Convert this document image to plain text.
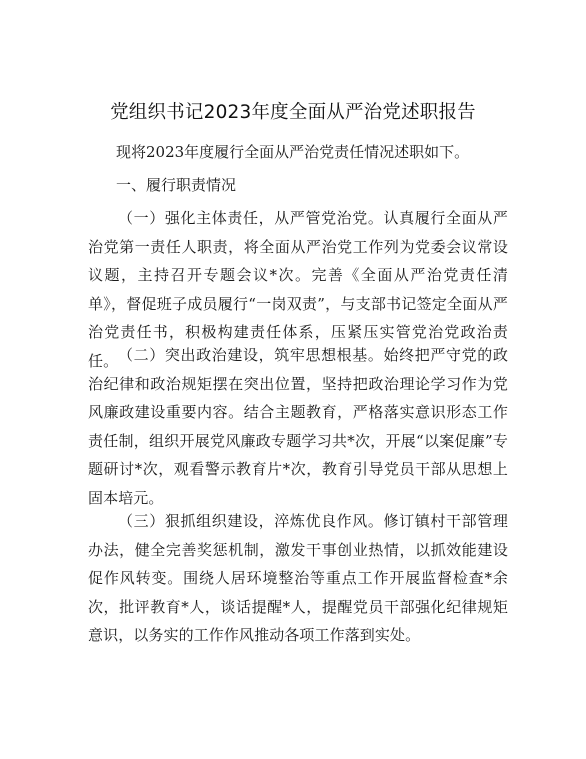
党组织书记2023年度全面从严治党述职报告
现将2023年度履行全面从严治党责任情况述职如下。
一、履行职责情况
（一）强化主体责任，从严管党治党。认真履行全面从严治党第一责任人职责，将全面从严治党工作列为党委会议常设议题，主持召开专题会议*次。完善《全面从严治党责任清单》，督促班子成员履行“一岗双责”，与支部书记签定全面从严治党责任书，积极构建责任体系，压紧压实管党治党政治责任。 （二）突出政治建设，筑牢思想根基。始终把严守党的政治纪律和政治规矩摆在突出位置，坚持把政治理论学习作为党风廉政建设重要内容。结合主题教育，严格落实意识形态工作责任制，组织开展党风廉政专题学习共*次，开展“以案促廉”专题研讨*次，观看警示教育片*次，教育引导党员干部从思想上固本培元。
（三）狠抓组织建设，淬炼优良作风。修订镇村干部管理办法，健全完善奖惩机制，激发干事创业热情，以抓效能建设促作风转变。围绕人居环境整治等重点工作开展监督检查*余次，批评教育*人，谈话提醒*人，提醒党员干部强化纪律规矩意识，以务实的工作作风推动各项工作落到实处。
